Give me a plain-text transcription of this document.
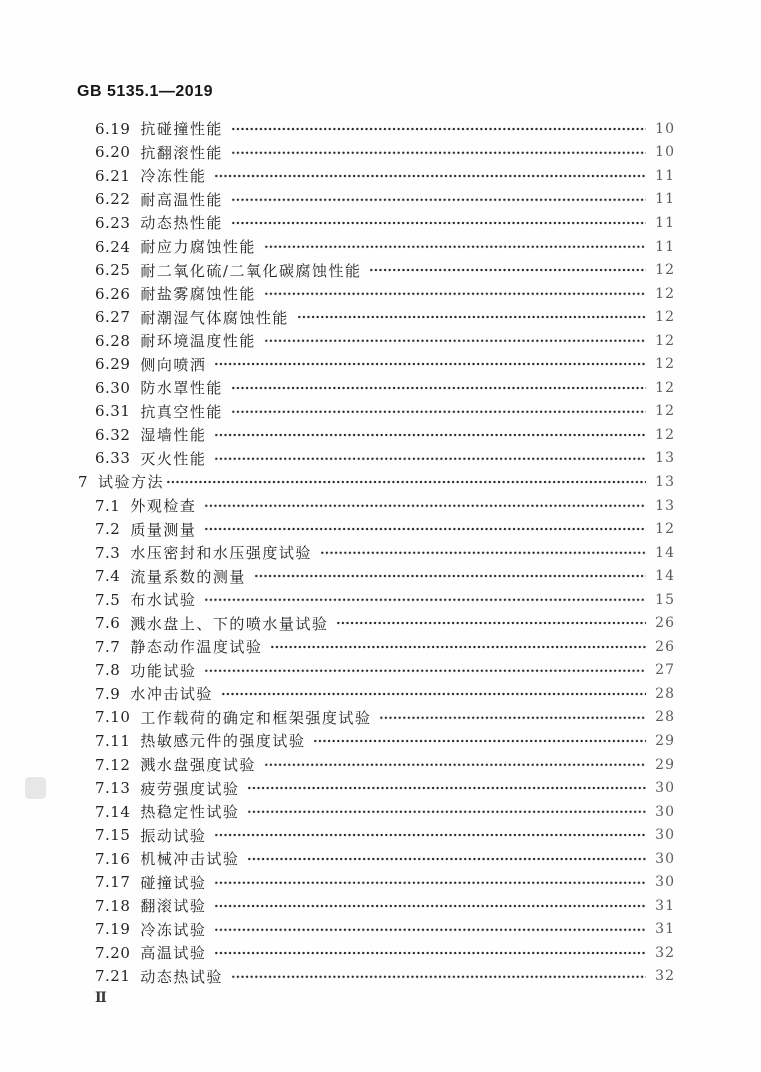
GB 5135.1—2019
6.19 抗碰撞性能	10
6.20 抗翻滚性能	10
6.21 冷冻性能	11
6.22 耐高温性能	11
6.23 动态热性能	11
6.24 耐应力腐蚀性能	11
6.25 耐二氧化硫/二氧化碳腐蚀性能	12
6.26 耐盐雾腐蚀性能	12
6.27 耐潮湿气体腐蚀性能	12
6.28 耐环境温度性能	12
6.29 侧向喷洒	12
6.30 防水罩性能	12
6.31 抗真空性能	12
6.32 湿墙性能	12
6.33 灭火性能	13
7 试验方法	13
7.1 外观检查	13
7.2 质量测量	12
7.3 水压密封和水压强度试验	14
7.4 流量系数的测量	14
7.5 布水试验	15
7.6 溅水盘上、下的喷水量试验	26
7.7 静态动作温度试验	26
7.8 功能试验	27
7.9 水冲击试验	28
7.10 工作载荷的确定和框架强度试验	28
7.11 热敏感元件的强度试验	29
7.12 溅水盘强度试验	29
7.13 疲劳强度试验	30
7.14 热稳定性试验	30
7.15 振动试验	30
7.16 机械冲击试验	30
7.17 碰撞试验	30
7.18 翻滚试验	31
7.19 冷冻试验	31
7.20 高温试验	32
7.21 动态热试验	32
Ⅱ
